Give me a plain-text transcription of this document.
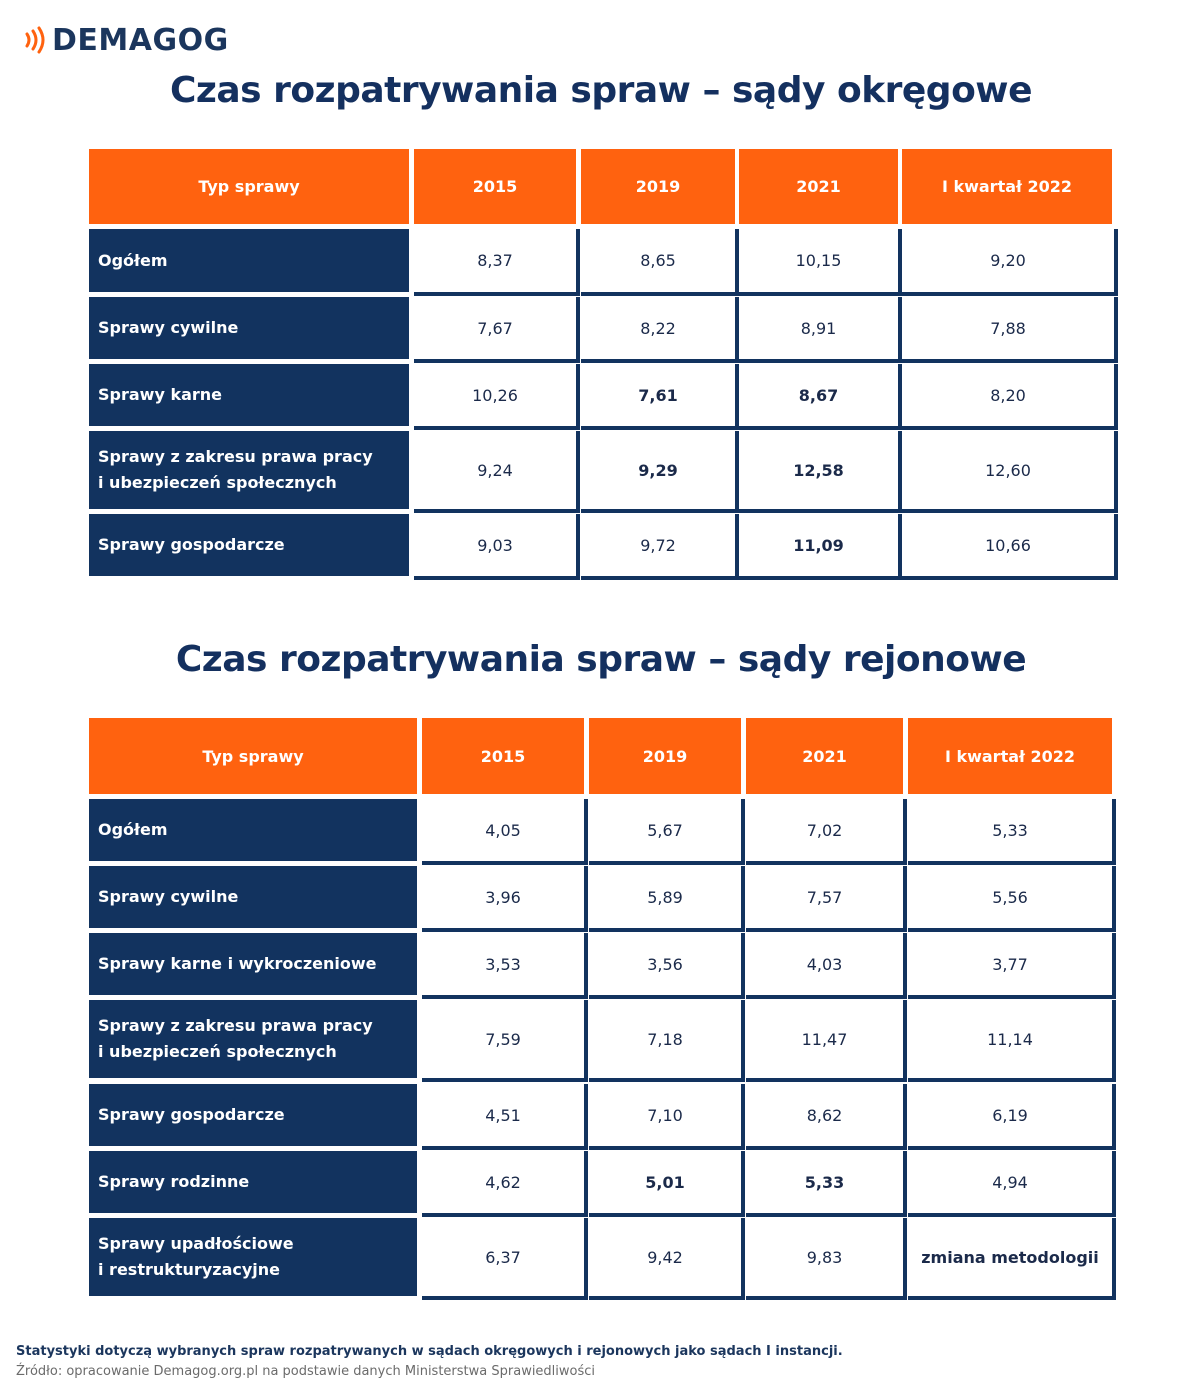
DEMAGOG
Czas rozpatrywania spraw – sądy okręgowe
Typ sprawy	2015	2019	2021	I kwartał 2022
Ogółem	8,37	8,65	10,15	9,20
Sprawy cywilne	7,67	8,22	8,91	7,88
Sprawy karne	10,26	7,61	8,67	8,20
Sprawy z zakresu prawa pracy
i ubezpieczeń społecznych
9,24	9,29	12,58	12,60
Sprawy gospodarcze	9,03	9,72	11,09	10,66
Czas rozpatrywania spraw – sądy rejonowe
Typ sprawy	2015	2019	2021	I kwartał 2022
Ogółem	4,05	5,67	7,02	5,33
Sprawy cywilne	3,96	5,89	7,57	5,56
Sprawy karne i wykroczeniowe	3,53	3,56	4,03	3,77
Sprawy z zakresu prawa pracy
i ubezpieczeń społecznych
7,59	7,18	11,47	11,14
Sprawy gospodarcze	4,51	7,10	8,62	6,19
Sprawy rodzinne	4,62	5,01	5,33	4,94
Sprawy upadłościowe
i restrukturyzacyjne
6,37	9,42	9,83	zmiana metodologii
Statystyki dotyczą wybranych spraw rozpatrywanych w sądach okręgowych i rejonowych jako sądach I instancji.
Źródło: opracowanie Demagog.org.pl na podstawie danych Ministerstwa Sprawiedliwości
